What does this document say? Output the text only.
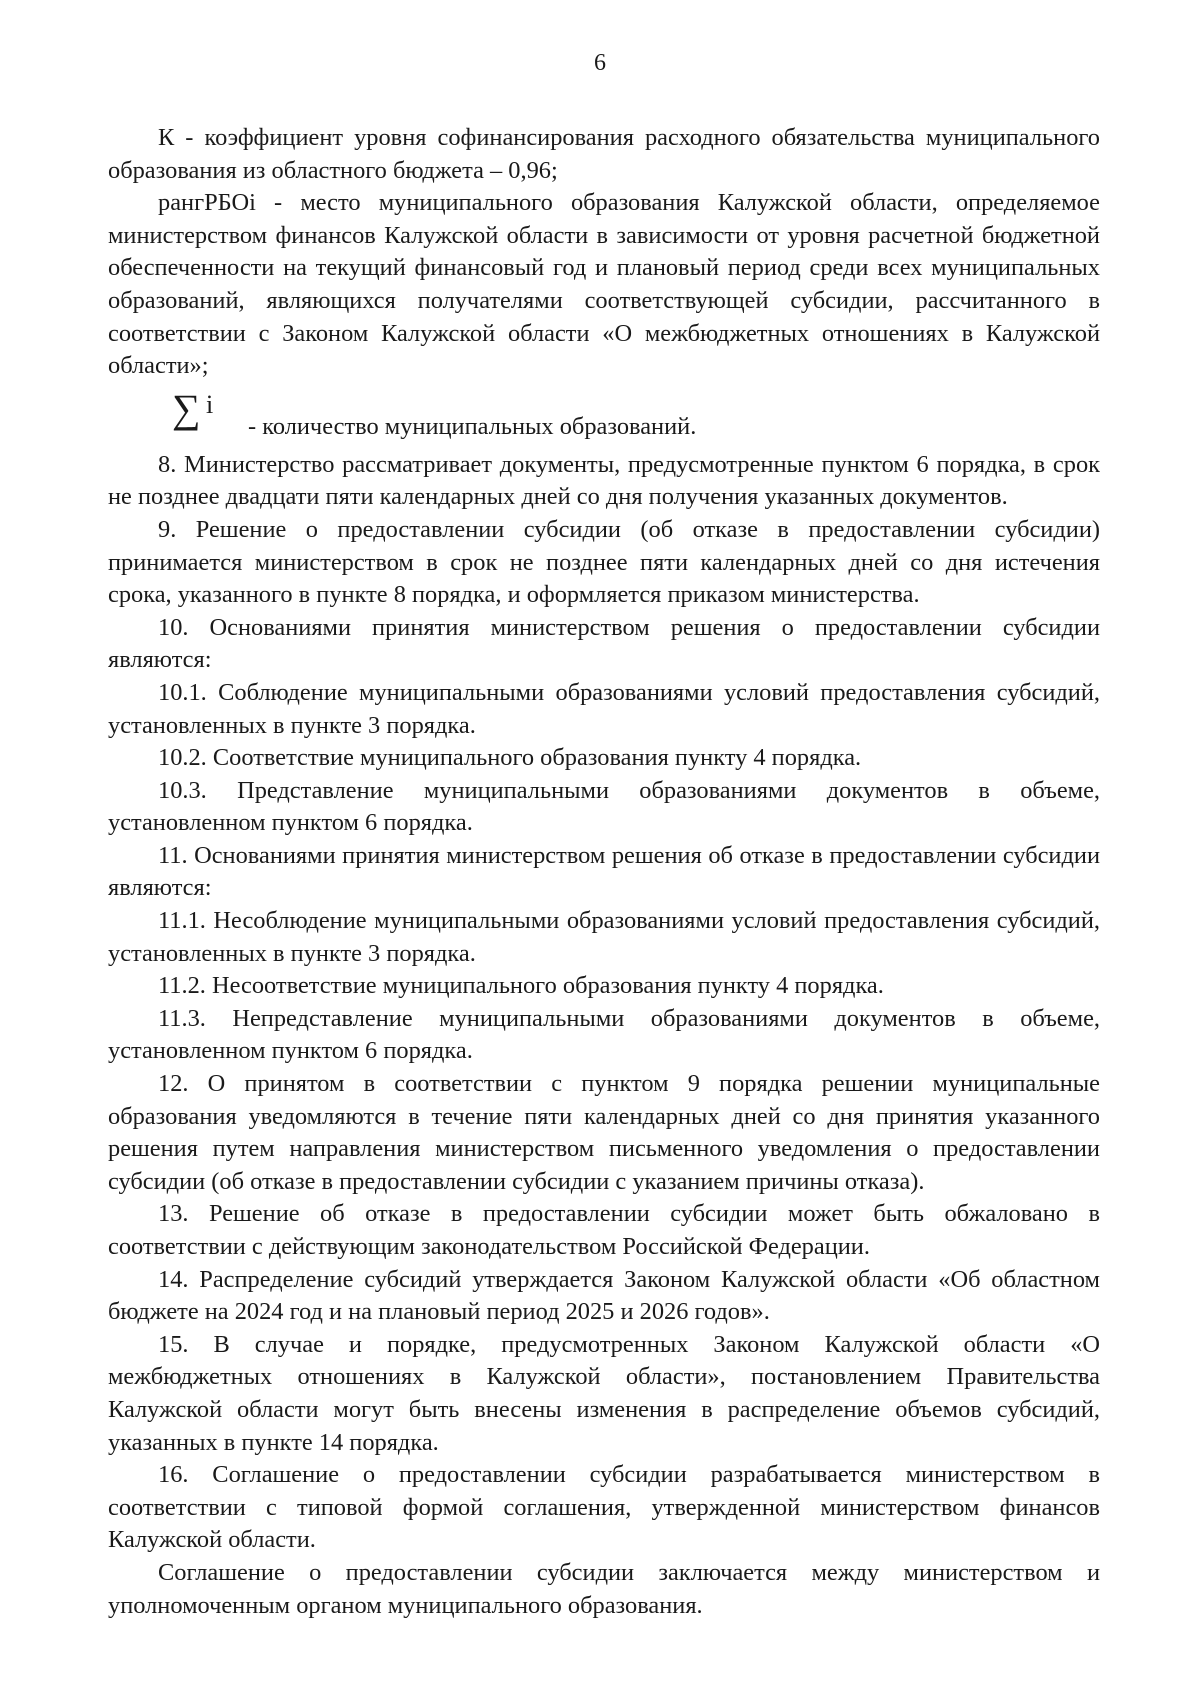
6

К - коэффициент уровня софинансирования расходного обязательства муниципального образования из областного бюджета – 0,96;

рангРБОi - место муниципального образования Калужской области, определяемое министерством финансов Калужской области в зависимости от уровня расчетной бюджетной обеспеченности на текущий финансовый год и плановый период среди всех муниципальных образований, являющихся получателями соответствующей субсидии, рассчитанного в соответствии с Законом Калужской области «О межбюджетных отношениях в Калужской области»;

∑ i
- количество муниципальных образований.

8. Министерство рассматривает документы, предусмотренные пунктом 6 порядка, в срок не позднее двадцати пяти календарных дней со дня получения указанных документов.

9. Решение о предоставлении субсидии (об отказе в предоставлении субсидии) принимается министерством в срок не позднее пяти календарных дней со дня истечения срока, указанного в пункте 8 порядка, и оформляется приказом министерства.

10. Основаниями принятия министерством решения о предоставлении субсидии являются:

10.1. Соблюдение муниципальными образованиями условий предоставления субсидий, установленных в пункте 3 порядка.

10.2. Соответствие муниципального образования пункту 4 порядка.

10.3. Представление муниципальными образованиями документов в объеме, установленном пунктом 6 порядка.

11. Основаниями принятия министерством решения об отказе в предоставлении субсидии являются:

11.1. Несоблюдение муниципальными образованиями условий предоставления субсидий, установленных в пункте 3 порядка.

11.2. Несоответствие муниципального образования пункту 4 порядка.

11.3. Непредставление муниципальными образованиями документов в объеме, установленном пунктом 6 порядка.

12. О принятом в соответствии с пунктом 9 порядка решении муниципальные образования уведомляются в течение пяти календарных дней со дня принятия указанного решения путем направления министерством письменного уведомления о предоставлении субсидии (об отказе в предоставлении субсидии с указанием причины отказа).

13. Решение об отказе в предоставлении субсидии может быть обжаловано в соответствии с действующим законодательством Российской Федерации.

14. Распределение субсидий утверждается Законом Калужской области «Об областном бюджете на 2024 год и на плановый период 2025 и 2026 годов».

15. В случае и порядке, предусмотренных Законом Калужской области «О межбюджетных отношениях в Калужской области», постановлением Правительства Калужской области могут быть внесены изменения в распределение объемов субсидий, указанных в пункте 14 порядка.

16. Соглашение о предоставлении субсидии разрабатывается министерством в соответствии с типовой формой соглашения, утвержденной министерством финансов Калужской области.

Соглашение о предоставлении субсидии заключается между министерством и уполномоченным органом муниципального образования.
